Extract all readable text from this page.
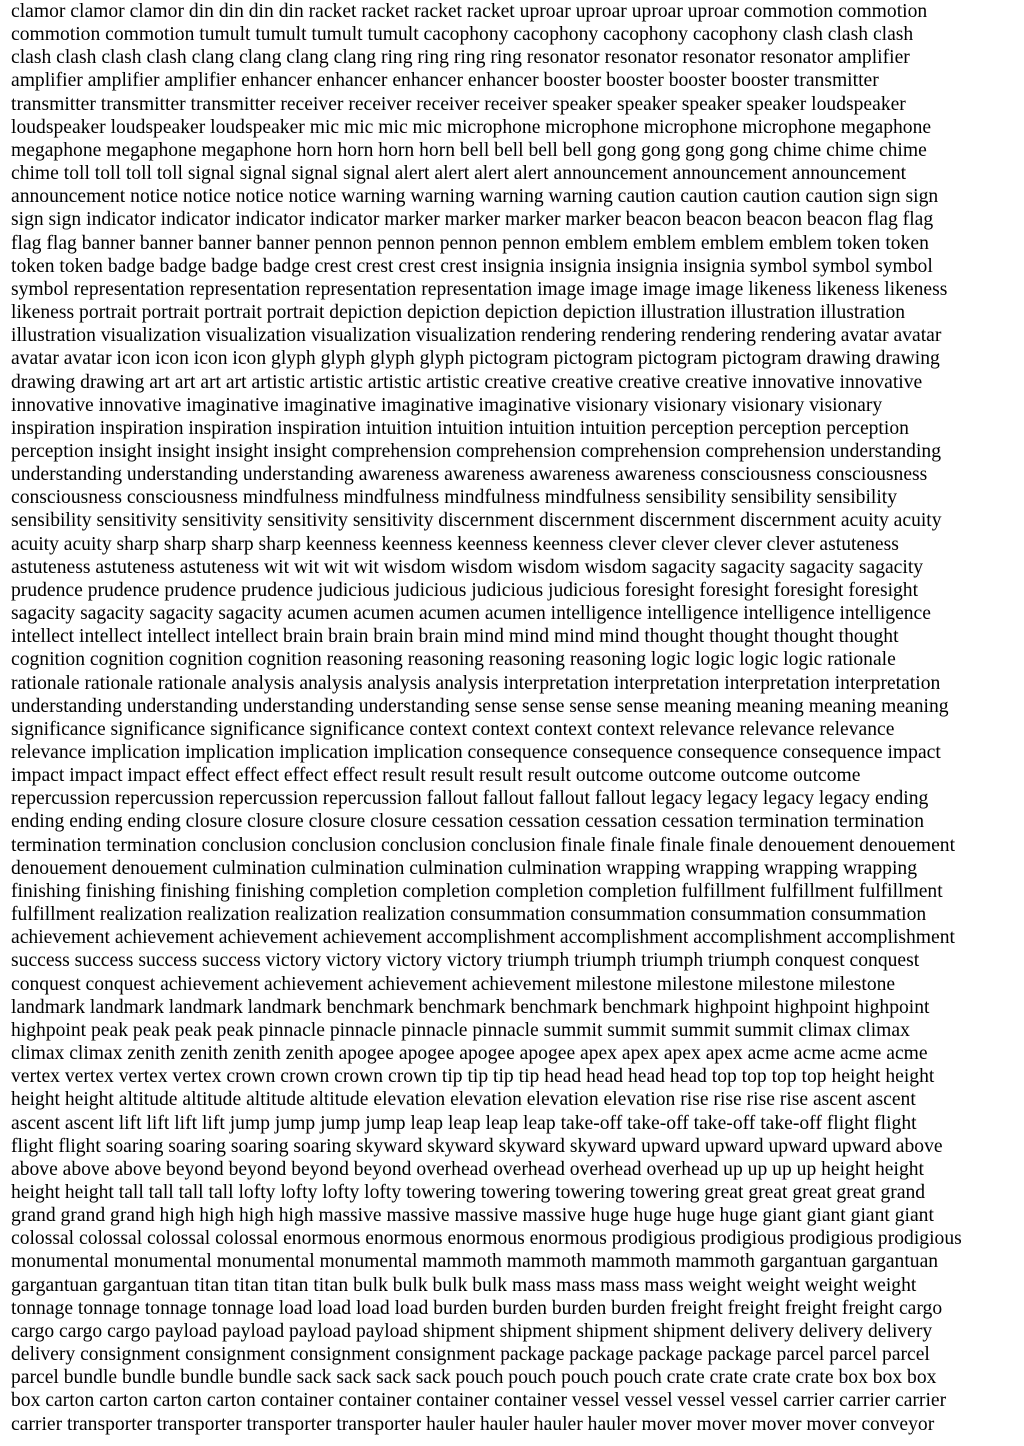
clamor clamor clamor din din din din racket racket racket racket uproar uproar uproar uproar commotion commotion
commotion commotion tumult tumult tumult tumult cacophony cacophony cacophony cacophony clash clash clash
clash clash clash clash clang clang clang clang ring ring ring ring resonator resonator resonator resonator amplifier
amplifier amplifier amplifier enhancer enhancer enhancer enhancer booster booster booster booster transmitter
transmitter transmitter transmitter receiver receiver receiver receiver speaker speaker speaker speaker loudspeaker
loudspeaker loudspeaker loudspeaker mic mic mic mic microphone microphone microphone microphone megaphone
megaphone megaphone megaphone horn horn horn horn bell bell bell bell gong gong gong gong chime chime chime
chime toll toll toll toll signal signal signal signal alert alert alert alert announcement announcement announcement
announcement notice notice notice notice warning warning warning warning caution caution caution caution sign sign
sign sign indicator indicator indicator indicator marker marker marker marker beacon beacon beacon beacon flag flag
flag flag banner banner banner banner pennon pennon pennon pennon emblem emblem emblem emblem token token
token token badge badge badge badge crest crest crest crest insignia insignia insignia insignia symbol symbol symbol
symbol representation representation representation representation image image image image likeness likeness likeness
likeness portrait portrait portrait portrait depiction depiction depiction depiction illustration illustration illustration
illustration visualization visualization visualization visualization rendering rendering rendering rendering avatar avatar
avatar avatar icon icon icon icon glyph glyph glyph glyph pictogram pictogram pictogram pictogram drawing drawing
drawing drawing art art art art artistic artistic artistic artistic creative creative creative creative innovative innovative
innovative innovative imaginative imaginative imaginative imaginative visionary visionary visionary visionary
inspiration inspiration inspiration inspiration intuition intuition intuition intuition perception perception perception
perception insight insight insight insight comprehension comprehension comprehension comprehension understanding
understanding understanding understanding awareness awareness awareness awareness consciousness consciousness
consciousness consciousness mindfulness mindfulness mindfulness mindfulness sensibility sensibility sensibility
sensibility sensitivity sensitivity sensitivity sensitivity discernment discernment discernment discernment acuity acuity
acuity acuity sharp sharp sharp sharp keenness keenness keenness keenness clever clever clever clever astuteness
astuteness astuteness astuteness wit wit wit wit wisdom wisdom wisdom wisdom sagacity sagacity sagacity sagacity
prudence prudence prudence prudence judicious judicious judicious judicious foresight foresight foresight foresight
sagacity sagacity sagacity sagacity acumen acumen acumen acumen intelligence intelligence intelligence intelligence
intellect intellect intellect intellect brain brain brain brain mind mind mind mind thought thought thought thought
cognition cognition cognition cognition reasoning reasoning reasoning reasoning logic logic logic logic rationale
rationale rationale rationale analysis analysis analysis analysis interpretation interpretation interpretation interpretation
understanding understanding understanding understanding sense sense sense sense meaning meaning meaning meaning
significance significance significance significance context context context context relevance relevance relevance
relevance implication implication implication implication consequence consequence consequence consequence impact
impact impact impact effect effect effect effect result result result result outcome outcome outcome outcome
repercussion repercussion repercussion repercussion fallout fallout fallout fallout legacy legacy legacy legacy ending
ending ending ending closure closure closure closure cessation cessation cessation cessation termination termination
termination termination conclusion conclusion conclusion conclusion finale finale finale finale denouement denouement
denouement denouement culmination culmination culmination culmination wrapping wrapping wrapping wrapping
finishing finishing finishing finishing completion completion completion completion fulfillment fulfillment fulfillment
fulfillment realization realization realization realization consummation consummation consummation consummation
achievement achievement achievement achievement accomplishment accomplishment accomplishment accomplishment
success success success success victory victory victory victory triumph triumph triumph triumph conquest conquest
conquest conquest achievement achievement achievement achievement milestone milestone milestone milestone
landmark landmark landmark landmark benchmark benchmark benchmark benchmark highpoint highpoint highpoint
highpoint peak peak peak peak pinnacle pinnacle pinnacle pinnacle summit summit summit summit climax climax
climax climax zenith zenith zenith zenith apogee apogee apogee apogee apex apex apex apex acme acme acme acme
vertex vertex vertex vertex crown crown crown crown tip tip tip tip head head head head top top top top height height
height height altitude altitude altitude altitude elevation elevation elevation elevation rise rise rise rise ascent ascent
ascent ascent lift lift lift lift jump jump jump jump leap leap leap leap take-off take-off take-off take-off flight flight
flight flight soaring soaring soaring soaring skyward skyward skyward skyward upward upward upward upward above
above above above beyond beyond beyond beyond overhead overhead overhead overhead up up up up height height
height height tall tall tall tall lofty lofty lofty lofty towering towering towering towering great great great great grand
grand grand grand high high high high massive massive massive massive huge huge huge huge giant giant giant giant
colossal colossal colossal colossal enormous enormous enormous enormous prodigious prodigious prodigious prodigious
monumental monumental monumental monumental mammoth mammoth mammoth mammoth gargantuan gargantuan
gargantuan gargantuan titan titan titan titan bulk bulk bulk bulk mass mass mass mass weight weight weight weight
tonnage tonnage tonnage tonnage load load load load burden burden burden burden freight freight freight freight cargo
cargo cargo cargo payload payload payload payload shipment shipment shipment shipment delivery delivery delivery
delivery consignment consignment consignment consignment package package package package parcel parcel parcel
parcel bundle bundle bundle bundle sack sack sack sack pouch pouch pouch pouch crate crate crate crate box box box
box carton carton carton carton container container container container vessel vessel vessel vessel carrier carrier carrier
carrier transporter transporter transporter transporter hauler hauler hauler hauler mover mover mover mover conveyor
